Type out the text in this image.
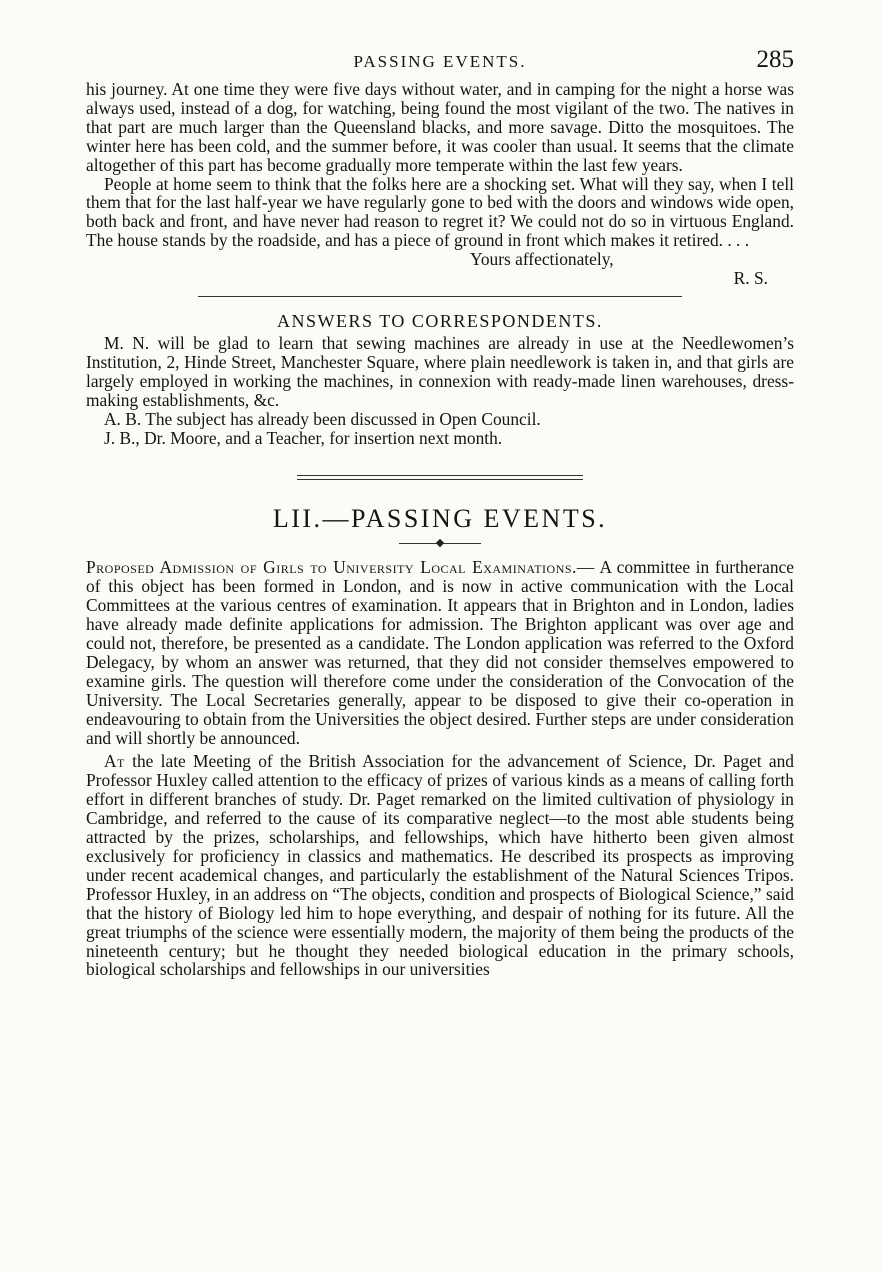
PASSING EVENTS.	285

his journey. At one time they were five days without water, and in camping for the night a horse was always used, instead of a dog, for watching, being found the most vigilant of the two. The natives in that part are much larger than the Queensland blacks, and more savage. Ditto the mosquitoes. The winter here has been cold, and the summer before, it was cooler than usual. It seems that the climate altogether of this part has become gradually more temperate within the last few years.

People at home seem to think that the folks here are a shocking set. What will they say, when I tell them that for the last half-year we have regularly gone to bed with the doors and windows wide open, both back and front, and have never had reason to regret it? We could not do so in virtuous England. The house stands by the roadside, and has a piece of ground in front which makes it retired. . . .

Yours affectionately,

R. S.

ANSWERS TO CORRESPONDENTS.

M. N. will be glad to learn that sewing machines are already in use at the Needlewomen’s Institution, 2, Hinde Street, Manchester Square, where plain needlework is taken in, and that girls are largely employed in working the machines, in connexion with ready-made linen warehouses, dress-making establishments, &c.

A. B. The subject has already been discussed in Open Council.

J. B., Dr. Moore, and a Teacher, for insertion next month.

LII.—PASSING EVENTS.

Proposed Admission of Girls to University Local Examinations.— A committee in furtherance of this object has been formed in London, and is now in active communication with the Local Committees at the various centres of examination. It appears that in Brighton and in London, ladies have already made definite applications for admission. The Brighton applicant was over age and could not, therefore, be presented as a candidate. The London application was referred to the Oxford Delegacy, by whom an answer was returned, that they did not consider themselves empowered to examine girls. The question will therefore come under the consideration of the Convocation of the University. The Local Secretaries generally, appear to be disposed to give their co-operation in endeavouring to obtain from the Universities the object desired. Further steps are under consideration and will shortly be announced.

At the late Meeting of the British Association for the advancement of Science, Dr. Paget and Professor Huxley called attention to the efficacy of prizes of various kinds as a means of calling forth effort in different branches of study. Dr. Paget remarked on the limited cultivation of physiology in Cambridge, and referred to the cause of its comparative neglect—to the most able students being attracted by the prizes, scholarships, and fellowships, which have hitherto been given almost exclusively for proficiency in classics and mathematics. He described its prospects as improving under recent academical changes, and particularly the establishment of the Natural Sciences Tripos. Professor Huxley, in an address on “The objects, condition and prospects of Biological Science,” said that the history of Biology led him to hope everything, and despair of nothing for its future. All the great triumphs of the science were essentially modern, the majority of them being the products of the nineteenth century; but he thought they needed biological education in the primary schools, biological scholarships and fellowships in our universities
